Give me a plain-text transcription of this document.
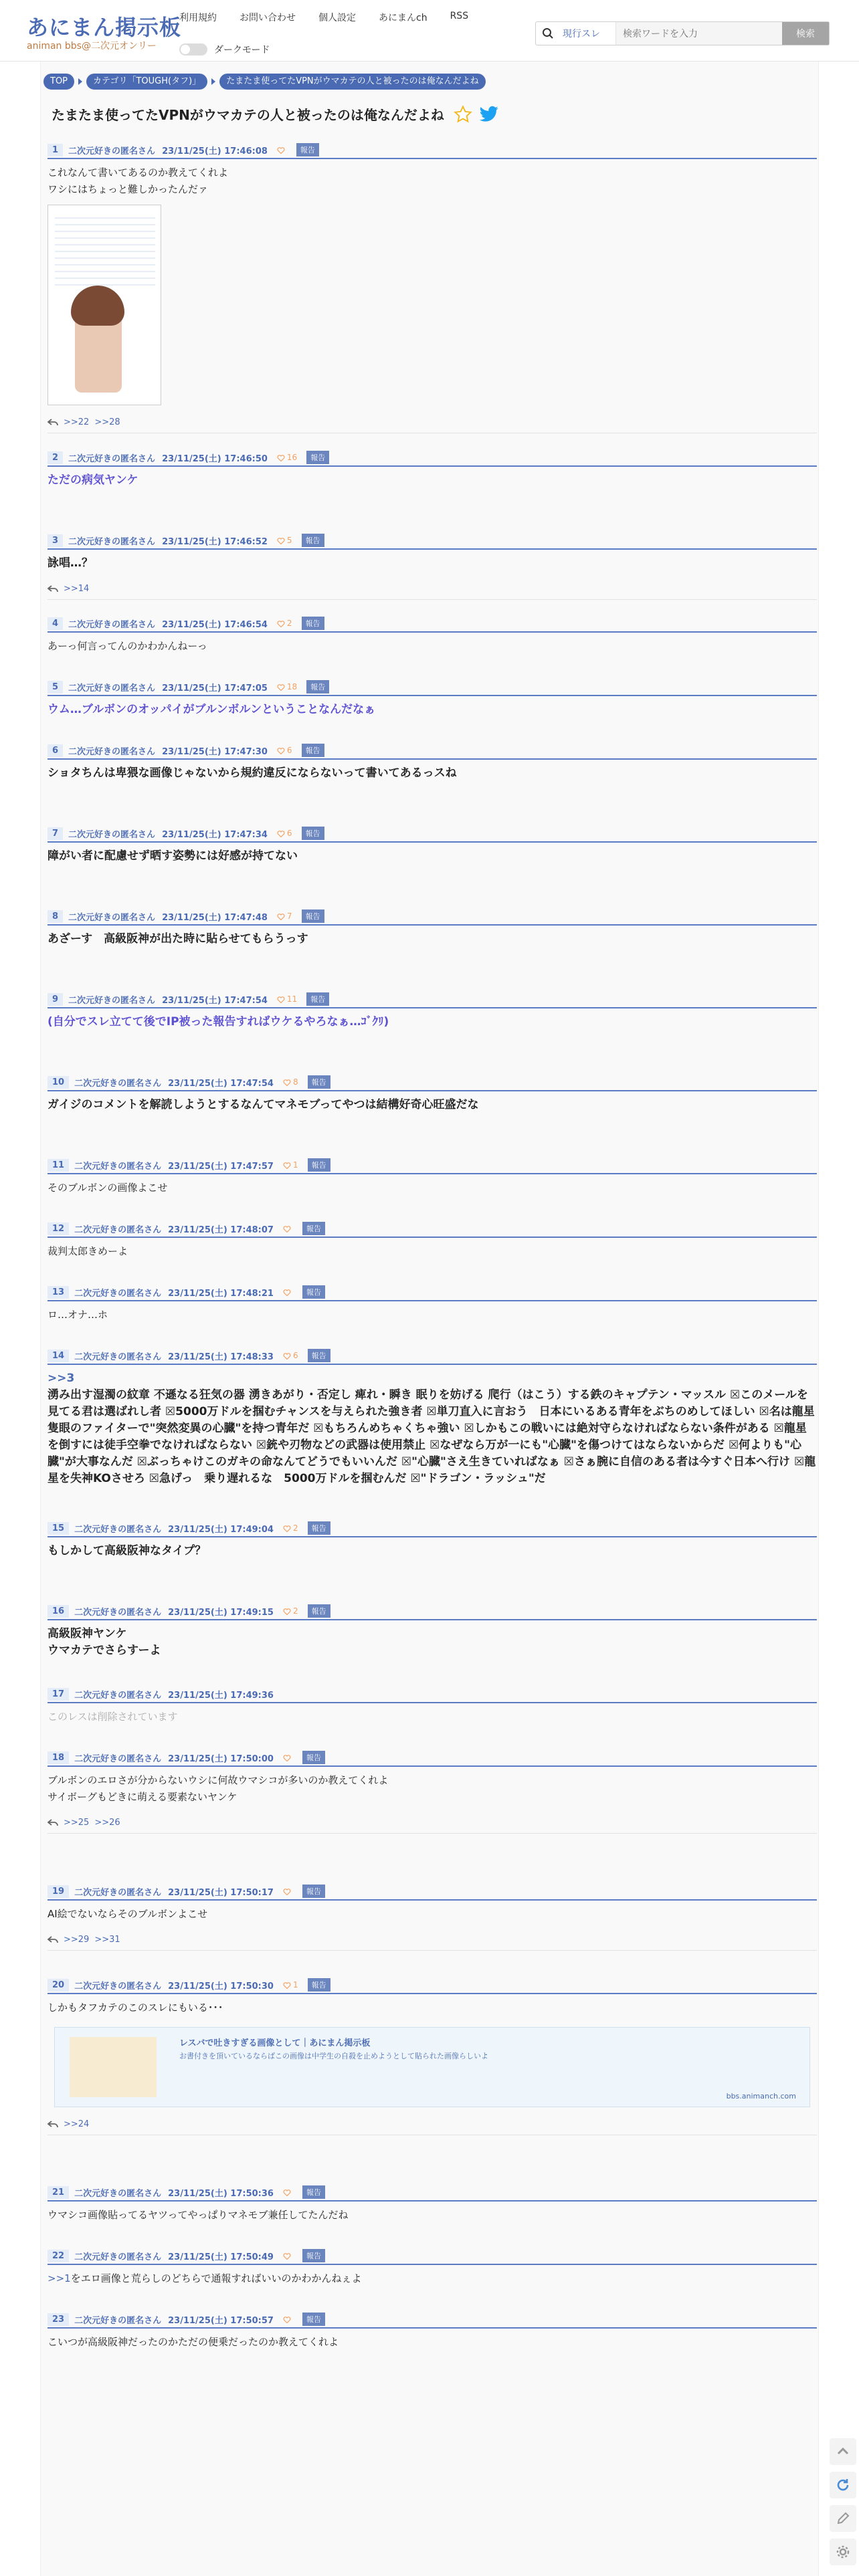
あにまん掲示板
animan bbs@二次元オンリー
利用規約 お問い合わせ 個人設定 あにまんch RSS
ダークモード
現行スレ
検索ワードを入力	検索
TOP	カテゴリ「TOUGH(タフ)」	たまたま使ってたVPNがウマカテの人と被ったのは俺なんだよね
たまたま使ってたVPNがウマカテの人と被ったのは俺なんだよね
1	二次元好きの匿名さん 23/11/25(土) 17:46:08	報告
これなんて書いてあるのか教えてくれよ
ワシにはちょっと難しかったんだァ
>>22 >>28
2	二次元好きの匿名さん 23/11/25(土) 17:46:50 16	報告
ただの病気ヤンケ
3	二次元好きの匿名さん 23/11/25(土) 17:46:52 5	報告
詠唱…？
>>14
4	二次元好きの匿名さん 23/11/25(土) 17:46:54 2	報告
あーっ何言ってんのかわかんねーっ
5	二次元好きの匿名さん 23/11/25(土) 17:47:05 18	報告
ウム…ブルボンのオッパイがブルンボルンということなんだなぁ
6	二次元好きの匿名さん 23/11/25(土) 17:47:30 6	報告
ショタちんは卑猥な画像じゃないから規約違反にならないって書いてあるっスね
7	二次元好きの匿名さん 23/11/25(土) 17:47:34 6	報告
障がい者に配慮せず晒す姿勢には好感が持てない
8	二次元好きの匿名さん 23/11/25(土) 17:47:48 7	報告
あざーす　高級阪神が出た時に貼らせてもらうっす
9	二次元好きの匿名さん 23/11/25(土) 17:47:54 11	報告
(自分でスレ立てて後でIP被った報告すればウケるやろなぁ…ｺﾞｸﾘ)
10	二次元好きの匿名さん 23/11/25(土) 17:47:54 8	報告
ガイジのコメントを解読しようとするなんてマネモブってやつは結構好奇心旺盛だな
11	二次元好きの匿名さん 23/11/25(土) 17:47:57 1	報告
そのブルボンの画像よこせ
12	二次元好きの匿名さん 23/11/25(土) 17:48:07	報告
裁判太郎きめーよ
13	二次元好きの匿名さん 23/11/25(土) 17:48:21	報告
ロ…オナ…ホ
14	二次元好きの匿名さん 23/11/25(土) 17:48:33 6	報告
>>3
湧み出す湿濁の紋章 不遜なる狂気の器 湧きあがり・否定し 痺れ・瞬き 眠りを妨げる 爬行（はこう）する鉄のキャプテン・マッスル ☒このメールを見てる君は選ばれし者 ☒5000万ドルを掴むチャンスを与えられた強き者 ☒単刀直入に言おう　日本にいるある青年をぶちのめしてほしい ☒名は龍星　隻眼のファイターで"突然変異の心臓"を持つ青年だ ☒もちろんめちゃくちゃ強い ☒しかもこの戦いには絶対守らなければならない条件がある ☒龍星を倒すには徒手空拳でなければならない ☒銃や刃物などの武器は使用禁止 ☒なぜなら万が一にも"心臓"を傷つけてはならないからだ ☒何よりも"心臓"が大事なんだ ☒ぶっちゃけこのガキの命なんてどうでもいいんだ ☒"心臓"さえ生きていればなぁ ☒さぁ腕に自信のある者は今すぐ日本へ行け ☒龍星を失神KOさせろ ☒急げっ　乗り遅れるな　5000万ドルを掴むんだ ☒"ドラゴン・ラッシュ"だ
15	二次元好きの匿名さん 23/11/25(土) 17:49:04 2	報告
もしかして高級阪神なタイプ？
16	二次元好きの匿名さん 23/11/25(土) 17:49:15 2	報告
高級阪神ヤンケ
ウマカテでさらすーよ
17	二次元好きの匿名さん 23/11/25(土) 17:49:36
このレスは削除されています
18	二次元好きの匿名さん 23/11/25(土) 17:50:00	報告
ブルボンのエロさが分からないウシに何故ウマシコが多いのか教えてくれよ
サイボーグもどきに萌える要素ないヤンケ
>>25 >>26
19	二次元好きの匿名さん 23/11/25(土) 17:50:17	報告
AI絵でないならそのブルボンよこせ
>>29 >>31
20	二次元好きの匿名さん 23/11/25(土) 17:50:30 1	報告
しかもタフカテのこのスレにもいる･･･
レスバで吐きすぎる画像として｜あにまん掲示板
お書付きを頂いているならばこの画像は中学生の自殺を止めようとして貼られた画像らしいよ
bbs.animanch.com
>>24
21	二次元好きの匿名さん 23/11/25(土) 17:50:36	報告
ウマシコ画像貼ってるヤツってやっぱりマネモブ兼任してたんだね
22	二次元好きの匿名さん 23/11/25(土) 17:50:49	報告
>>1をエロ画像と荒らしのどちらで通報すればいいのかわかんねぇよ
23	二次元好きの匿名さん 23/11/25(土) 17:50:57	報告
こいつが高級阪神だったのかただの便乗だったのか教えてくれよ
